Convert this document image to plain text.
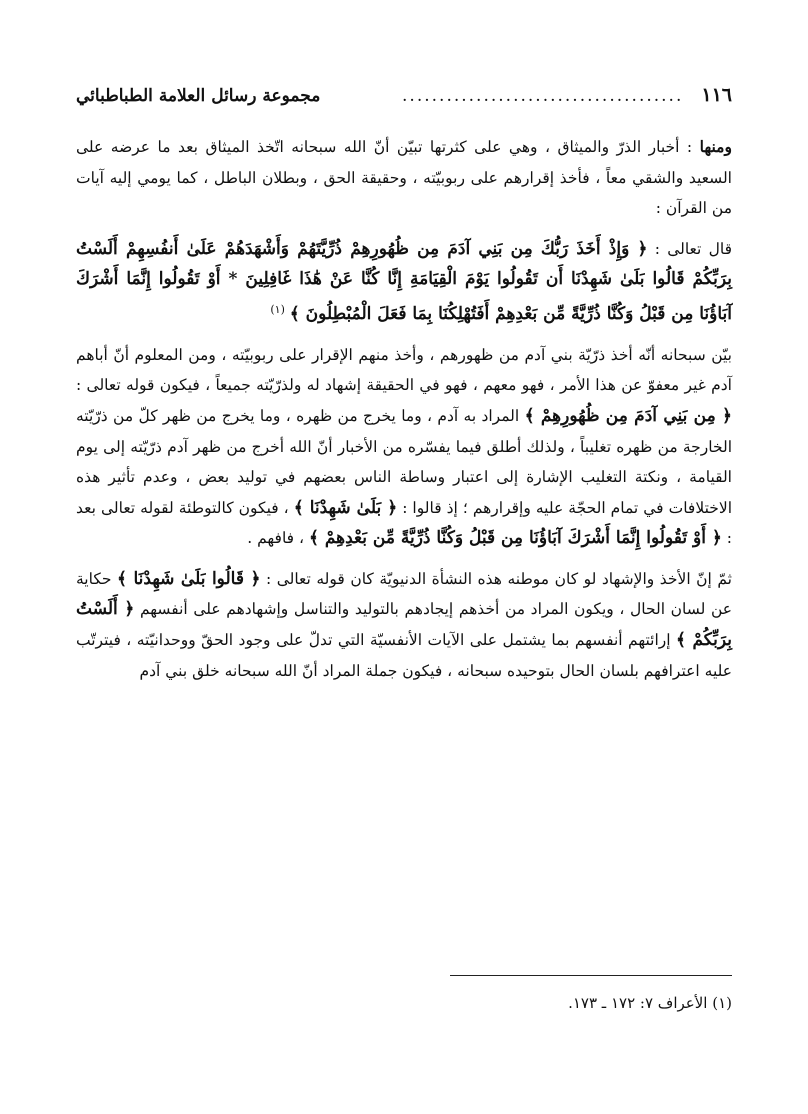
١١٦
......................................
مجموعة رسائل العلامة الطباطبائي

ومنها : أخبار الذرّ والميثاق ، وهي على كثرتها تبيّن أنّ الله سبحانه اتّخذ الميثاق بعد ما عرضه على السعيد والشقي معاً ، فأخذ إقرارهم على ربوبيّته ، وحقيقة الحق ، وبطلان الباطل ، كما يومي إليه آيات من القرآن :

قال تعالى : ﴿ وَإِذْ أَخَذَ رَبُّكَ مِن بَنِي آدَمَ مِن ظُهُورِهِمْ ذُرِّيَّتَهُمْ وَأَشْهَدَهُمْ عَلَىٰ أَنفُسِهِمْ أَلَسْتُ بِرَبِّكُمْ قَالُوا بَلَىٰ شَهِدْنَا أَن تَقُولُوا يَوْمَ الْقِيَامَةِ إِنَّا كُنَّا عَنْ هَٰذَا غَافِلِينَ * أَوْ تَقُولُوا إِنَّمَا أَشْرَكَ آبَاؤُنَا مِن قَبْلُ وَكُنَّا ذُرِّيَّةً مِّن بَعْدِهِمْ أَفَتُهْلِكُنَا بِمَا فَعَلَ الْمُبْطِلُونَ ﴾ $^{(١)}$

بيّن سبحانه أنّه أخذ ذرّيّة بني آدم من ظهورهم ، وأخذ منهم الإقرار على ربوبيّته ، ومن المعلوم أنّ أباهم آدم غير معفوّ عن هذا الأمر ، فهو معهم ، فهو في الحقيقة إشهاد له ولذرّيّته جميعاً ، فيكون قوله تعالى : ﴿ مِن بَنِي آدَمَ مِن ظُهُورِهِمْ ﴾ المراد به آدم ، وما يخرج من ظهره ، وما يخرج من ظهر كلّ من ذرّيّته الخارجة من ظهره تغليباً ، ولذلك أطلق فيما يفسّره من الأخبار أنّ الله أخرج من ظهر آدم ذرّيّته إلى يوم القيامة ، ونكتة التغليب الإشارة إلى اعتبار وساطة الناس بعضهم في توليد بعض ، وعدم تأثير هذه الاختلافات في تمام الحجّة عليه وإقرارهم ؛ إذ قالوا : ﴿ بَلَىٰ شَهِدْنَا ﴾ ، فيكون كالتوطئة لقوله تعالى بعد : ﴿ أَوْ تَقُولُوا إِنَّمَا أَشْرَكَ آبَاؤُنَا مِن قَبْلُ وَكُنَّا ذُرِّيَّةً مِّن بَعْدِهِمْ ﴾ ، فافهم .

ثمّ إنّ الأخذ والإشهاد لو كان موطنه هذه النشأة الدنيويّة كان قوله تعالى : ﴿ قَالُوا بَلَىٰ شَهِدْنَا ﴾ حكاية عن لسان الحال ، ويكون المراد من أخذهم إيجادهم بالتوليد والتناسل وإشهادهم على أنفسهم ﴿ أَلَسْتُ بِرَبِّكُمْ ﴾ إرائتهم أنفسهم بما يشتمل على الآيات الأنفسيّة التي تدلّ على وجود الحقّ ووحدانيّته ، فيترتّب عليه اعترافهم بلسان الحال بتوحيده سبحانه ، فيكون جملة المراد أنّ الله سبحانه خلق بني آدم

(١) الأعراف ٧: ١٧٢ ـ ١٧٣.
